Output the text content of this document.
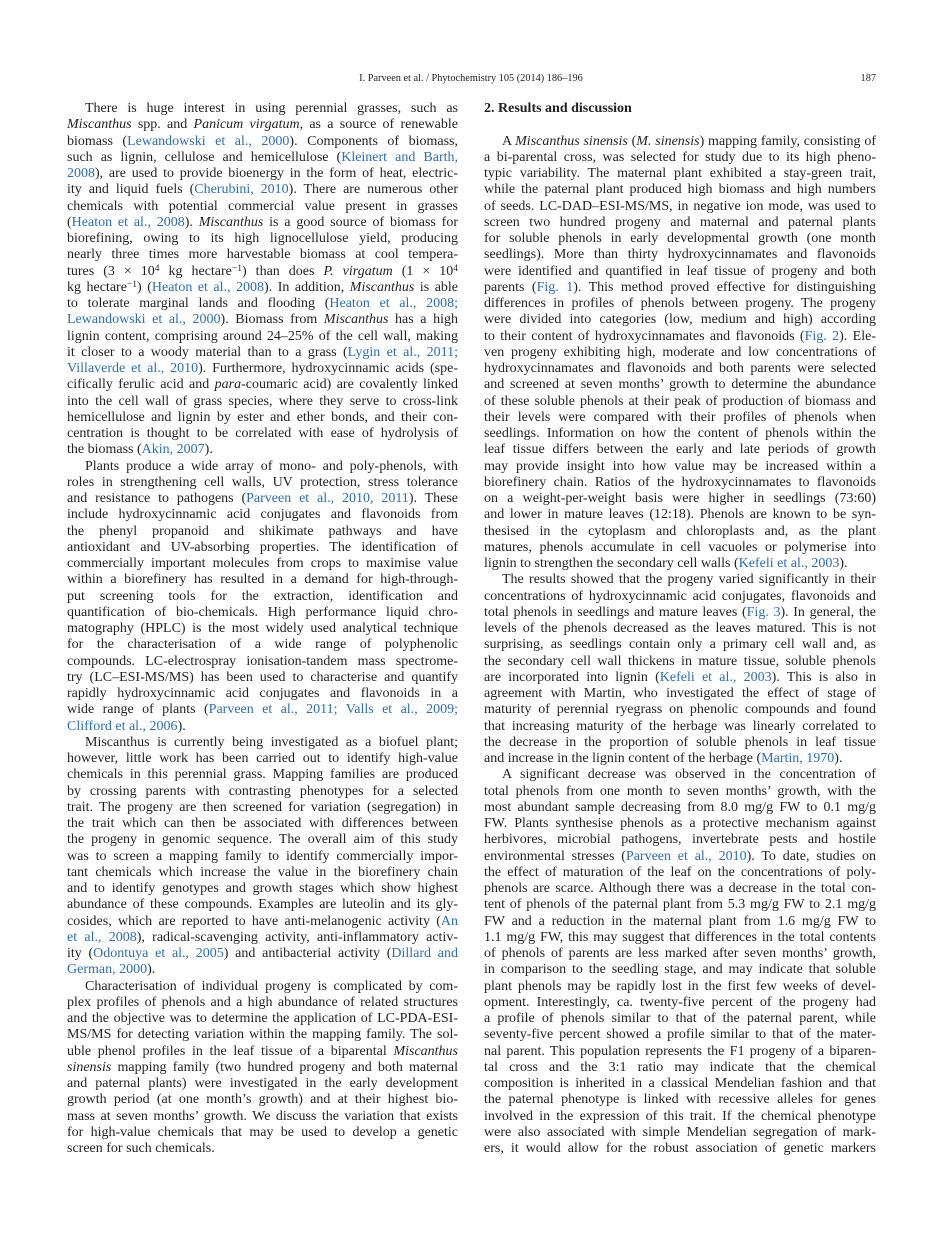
I. Parveen et al. / Phytochemistry 105 (2014) 186–196	187
There is huge interest in using perennial grasses, such as
Miscanthus spp. and Panicum virgatum, as a source of renewable
biomass (Lewandowski et al., 2000). Components of biomass,
such as lignin, cellulose and hemicellulose (Kleinert and Barth,
2008), are used to provide bioenergy in the form of heat, electric-
ity and liquid fuels (Cherubini, 2010). There are numerous other
chemicals with potential commercial value present in grasses
(Heaton et al., 2008). Miscanthus is a good source of biomass for
biorefining, owing to its high lignocellulose yield, producing
nearly three times more harvestable biomass at cool tempera-
tures ($3 \times 10^4$ kg hectare$^{-1}$) than does P. virgatum ($1 \times 10^4$
kg hectare$^{-1}$) (Heaton et al., 2008). In addition, Miscanthus is able
to tolerate marginal lands and flooding (Heaton et al., 2008;
Lewandowski et al., 2000). Biomass from Miscanthus has a high
lignin content, comprising around 24–25% of the cell wall, making
it closer to a woody material than to a grass (Lygin et al., 2011;
Villaverde et al., 2010). Furthermore, hydroxycinnamic acids (spe-
cifically ferulic acid and para-coumaric acid) are covalently linked
into the cell wall of grass species, where they serve to cross-link
hemicellulose and lignin by ester and ether bonds, and their con-
centration is thought to be correlated with ease of hydrolysis of
the biomass (Akin, 2007).
Plants produce a wide array of mono- and poly-phenols, with
roles in strengthening cell walls, UV protection, stress tolerance
and resistance to pathogens (Parveen et al., 2010, 2011). These
include hydroxycinnamic acid conjugates and flavonoids from
the phenyl propanoid and shikimate pathways and have
antioxidant and UV-absorbing properties. The identification of
commercially important molecules from crops to maximise value
within a biorefinery has resulted in a demand for high-through-
put screening tools for the extraction, identification and
quantification of bio-chemicals. High performance liquid chro-
matography (HPLC) is the most widely used analytical technique
for the characterisation of a wide range of polyphenolic
compounds. LC-electrospray ionisation-tandem mass spectrome-
try (LC–ESI-MS/MS) has been used to characterise and quantify
rapidly hydroxycinnamic acid conjugates and flavonoids in a
wide range of plants (Parveen et al., 2011; Valls et al., 2009;
Clifford et al., 2006).
Miscanthus is currently being investigated as a biofuel plant;
however, little work has been carried out to identify high-value
chemicals in this perennial grass. Mapping families are produced
by crossing parents with contrasting phenotypes for a selected
trait. The progeny are then screened for variation (segregation) in
the trait which can then be associated with differences between
the progeny in genomic sequence. The overall aim of this study
was to screen a mapping family to identify commercially impor-
tant chemicals which increase the value in the biorefinery chain
and to identify genotypes and growth stages which show highest
abundance of these compounds. Examples are luteolin and its gly-
cosides, which are reported to have anti-melanogenic activity (An
et al., 2008), radical-scavenging activity, anti-inflammatory activ-
ity (Odontuya et al., 2005) and antibacterial activity (Dillard and
German, 2000).
Characterisation of individual progeny is complicated by com-
plex profiles of phenols and a high abundance of related structures
and the objective was to determine the application of LC-PDA-ESI-
MS/MS for detecting variation within the mapping family. The sol-
uble phenol profiles in the leaf tissue of a biparental Miscanthus
sinensis mapping family (two hundred progeny and both maternal
and paternal plants) were investigated in the early development
growth period (at one month’s growth) and at their highest bio-
mass at seven months’ growth. We discuss the variation that exists
for high-value chemicals that may be used to develop a genetic
screen for such chemicals.
2. Results and discussion
A Miscanthus sinensis (M. sinensis) mapping family, consisting of
a bi-parental cross, was selected for study due to its high pheno-
typic variability. The maternal plant exhibited a stay-green trait,
while the paternal plant produced high biomass and high numbers
of seeds. LC-DAD–ESI-MS/MS, in negative ion mode, was used to
screen two hundred progeny and maternal and paternal plants
for soluble phenols in early developmental growth (one month
seedlings). More than thirty hydroxycinnamates and flavonoids
were identified and quantified in leaf tissue of progeny and both
parents (Fig. 1). This method proved effective for distinguishing
differences in profiles of phenols between progeny. The progeny
were divided into categories (low, medium and high) according
to their content of hydroxycinnamates and flavonoids (Fig. 2). Ele-
ven progeny exhibiting high, moderate and low concentrations of
hydroxycinnamates and flavonoids and both parents were selected
and screened at seven months’ growth to determine the abundance
of these soluble phenols at their peak of production of biomass and
their levels were compared with their profiles of phenols when
seedlings. Information on how the content of phenols within the
leaf tissue differs between the early and late periods of growth
may provide insight into how value may be increased within a
biorefinery chain. Ratios of the hydroxycinnamates to flavonoids
on a weight-per-weight basis were higher in seedlings (73:60)
and lower in mature leaves (12:18). Phenols are known to be syn-
thesised in the cytoplasm and chloroplasts and, as the plant
matures, phenols accumulate in cell vacuoles or polymerise into
lignin to strengthen the secondary cell walls (Kefeli et al., 2003).
The results showed that the progeny varied significantly in their
concentrations of hydroxycinnamic acid conjugates, flavonoids and
total phenols in seedlings and mature leaves (Fig. 3). In general, the
levels of the phenols decreased as the leaves matured. This is not
surprising, as seedlings contain only a primary cell wall and, as
the secondary cell wall thickens in mature tissue, soluble phenols
are incorporated into lignin (Kefeli et al., 2003). This is also in
agreement with Martin, who investigated the effect of stage of
maturity of perennial ryegrass on phenolic compounds and found
that increasing maturity of the herbage was linearly correlated to
the decrease in the proportion of soluble phenols in leaf tissue
and increase in the lignin content of the herbage (Martin, 1970).
A significant decrease was observed in the concentration of
total phenols from one month to seven months’ growth, with the
most abundant sample decreasing from 8.0 mg/g FW to 0.1 mg/g
FW. Plants synthesise phenols as a protective mechanism against
herbivores, microbial pathogens, invertebrate pests and hostile
environmental stresses (Parveen et al., 2010). To date, studies on
the effect of maturation of the leaf on the concentrations of poly-
phenols are scarce. Although there was a decrease in the total con-
tent of phenols of the paternal plant from 5.3 mg/g FW to 2.1 mg/g
FW and a reduction in the maternal plant from 1.6 mg/g FW to
1.1 mg/g FW, this may suggest that differences in the total contents
of phenols of parents are less marked after seven months’ growth,
in comparison to the seedling stage, and may indicate that soluble
plant phenols may be rapidly lost in the first few weeks of devel-
opment. Interestingly, ca. twenty-five percent of the progeny had
a profile of phenols similar to that of the paternal parent, while
seventy-five percent showed a profile similar to that of the mater-
nal parent. This population represents the F1 progeny of a biparen-
tal cross and the 3:1 ratio may indicate that the chemical
composition is inherited in a classical Mendelian fashion and that
the paternal phenotype is linked with recessive alleles for genes
involved in the expression of this trait. If the chemical phenotype
were also associated with simple Mendelian segregation of mark-
ers, it would allow for the robust association of genetic markers
